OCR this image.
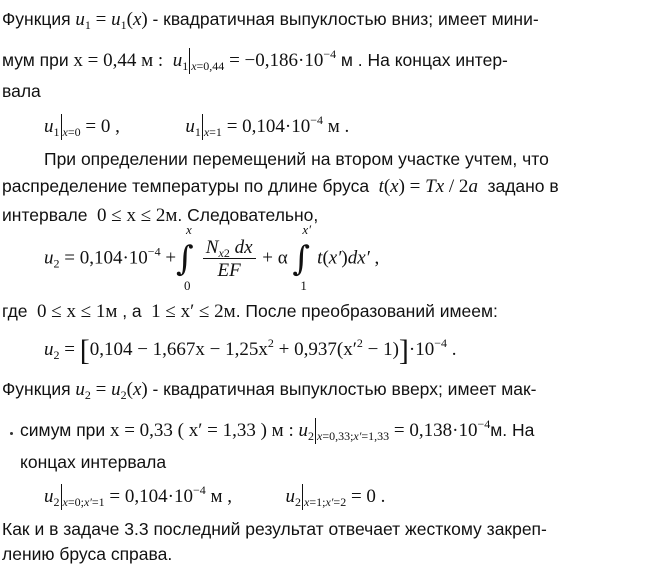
Функция $u_1 = u_1(x)$ - квадратичная выпуклостью вниз; имеет мини-
мум при x = 0,44 м : $u_1$ $_{x=0,44} = -0,186\cdot 10^{-4}$ м . На концах интер-
вала
$u_1$ $_{x=0}$ = 0 ,	$u_1$ $_{x=1} = 0,104\cdot 10^{-4}$ м .
При определении перемещений на втором участке учтем, что
распределение температуры по длине бруса t(x) = Tx / 2a задано в
интервале 0 ≤ x ≤ 2м. Следовательно,
$u_2 = 0,104\cdot 10^{-4}$ + ∫
x
0

$\frac{N_{x2} dx}{EF} + \alpha$ ∫
x′
1
t(x′)dx′ ,
где 0 ≤ x ≤ 1м , а 1 ≤ x′ ≤ 2м. После преобразований имеем:
$u_2 = [0,104 - 1,667x - 1,25x^2 + 0,937(x'^2 - 1)]\cdot 10^{-4}$ .
Функция $u_2 = u_2(x)$ - квадратичная выпуклостью вверх; имеет мак-
симум при x = 0,33 ( x′ = 1,33 ) м : $u_2$ $_{x=0,33;x'=1,33} = 0,138\cdot 10^{-4}м$. На
концах интервала
$u_2$ $_{x=0;x'=1} = 0,104\cdot 10^{-4}$ м ,	$u_2$ $_{x=1;x'=2}$ = 0 .
Как и в задаче 3.3 последний результат отвечает жесткому закреп-
лению бруса справа.
